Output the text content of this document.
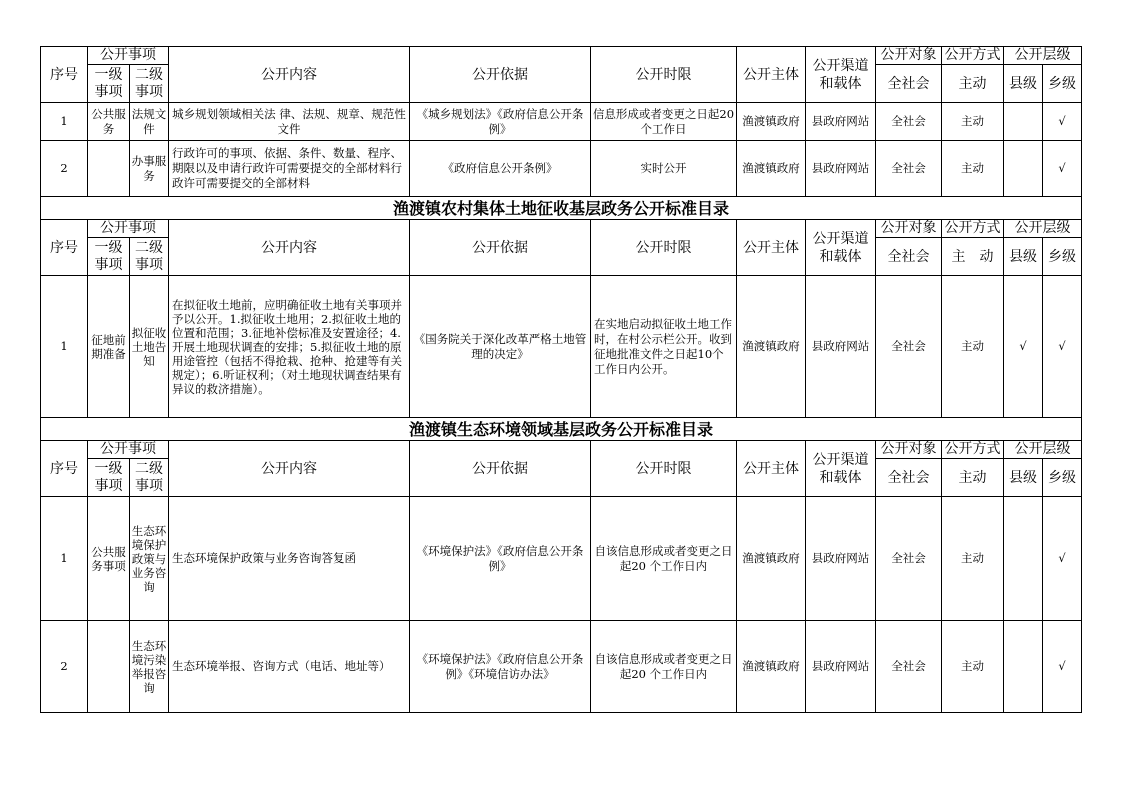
序号	公开事项		公开内容	公开依据	公开时限	公开主体	公开渠道和载体	公开对象	公开方式	公开层级	
	一级事项	二级事项						全社会	主动	县级	乡级

1	公共服务	法规文件	城乡规划领域相关法 律、法规、规章、规范性文件	《城乡规划法》《政府信息公开条例》	信息形成或者变更之日起20个工作日	渔渡镇政府	县政府网站	全社会	主动		√
2		办事服务	行政许可的事项、依据、条件、数量、程序、期限以及申请行政许可需要提交的全部材料行政许可需要提交的全部材料	《政府信息公开条例》	实时公开	渔渡镇政府	县政府网站	全社会	主动		√
渔渡镇农村集体土地征收基层政务公开标准目录											
序号	公开事项		公开内容	公开依据	公开时限	公开主体	公开渠道和载体	公开对象	公开方式	公开层级	
	一级事项	二级事项						全社会	主　动	县级	乡级

1	征地前期准备	拟征收土地告知	在拟征收土地前，应明确征收土地有关事项并予以公开。1.拟征收土地用；2.拟征收土地的位置和范围；3.征地补偿标准及安置途径；4.开展土地现状调查的安排；5.拟征收土地的原用途管控（包括不得抢栽、抢种、抢建等有关规定）；6.听证权利；（对土地现状调查结果有异议的救济措施）。	《国务院关于深化改革严格土地管理的决定》	在实地启动拟征收土地工作时，在村公示栏公开。收到征地批准文件之日起10个工作日内公开。	渔渡镇政府	县政府网站	全社会	主动	√	√
渔渡镇生态环境领域基层政务公开标准目录											
序号	公开事项		公开内容	公开依据	公开时限	公开主体	公开渠道和载体	公开对象	公开方式	公开层级	
	一级事项	二级事项						全社会	主动	县级	乡级

1	公共服务事项	生态环境保护政策与业务咨询	生态环境保护政策与业务咨询答复函	《环境保护法》《政府信息公开条例》	自该信息形成或者变更之日起20 个工作日内	渔渡镇政府	县政府网站	全社会	主动		√
2		生态环境污染举报咨询	生态环境举报、咨询方式（电话、地址等）	《环境保护法》《政府信息公开条例》《环境信访办法》	自该信息形成或者变更之日起20 个工作日内	渔渡镇政府	县政府网站	全社会	主动		√
